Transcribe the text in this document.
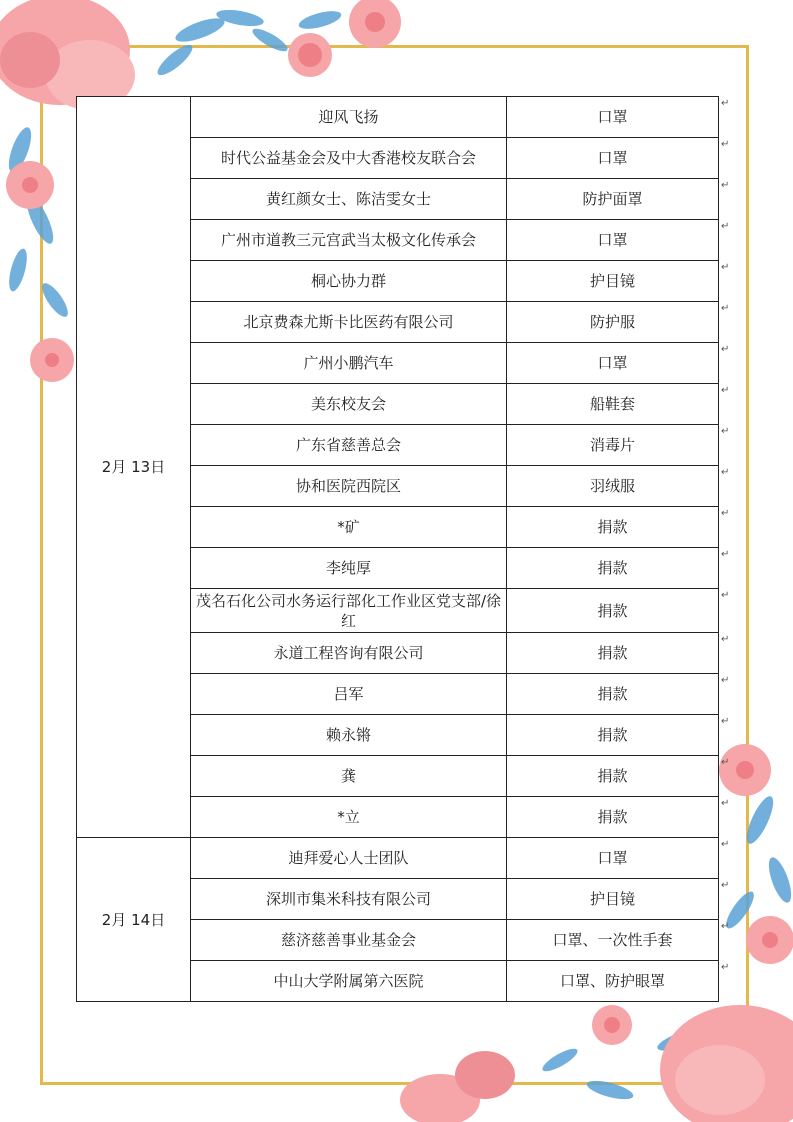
2月 13日	迎风飞扬	口罩
	时代公益基金会及中大香港校友联合会	口罩
	黄红颜女士、陈洁雯女士	防护面罩
	广州市道教三元宫武当太极文化传承会	口罩
	桐心协力群	护目镜
	北京费森尤斯卡比医药有限公司	防护服
	广州小鹏汽车	口罩
	美东校友会	船鞋套
	广东省慈善总会	消毒片
	协和医院西院区	羽绒服
	*矿	捐款
	李纯厚	捐款
	茂名石化公司水务运行部化工作业区党支部/徐红	捐款
	永道工程咨询有限公司	捐款
	吕军	捐款
	赖永锵	捐款
	龚	捐款
	*立	捐款
2月 14日	迪拜爱心人士团队	口罩
	深圳市集米科技有限公司	护目镜
	慈济慈善事业基金会	口罩、一次性手套
	中山大学附属第六医院	口罩、防护眼罩
↵
↵
↵
↵
↵
↵
↵
↵
↵
↵
↵
↵
↵
↵
↵
↵
↵
↵
↵
↵
↵
↵
